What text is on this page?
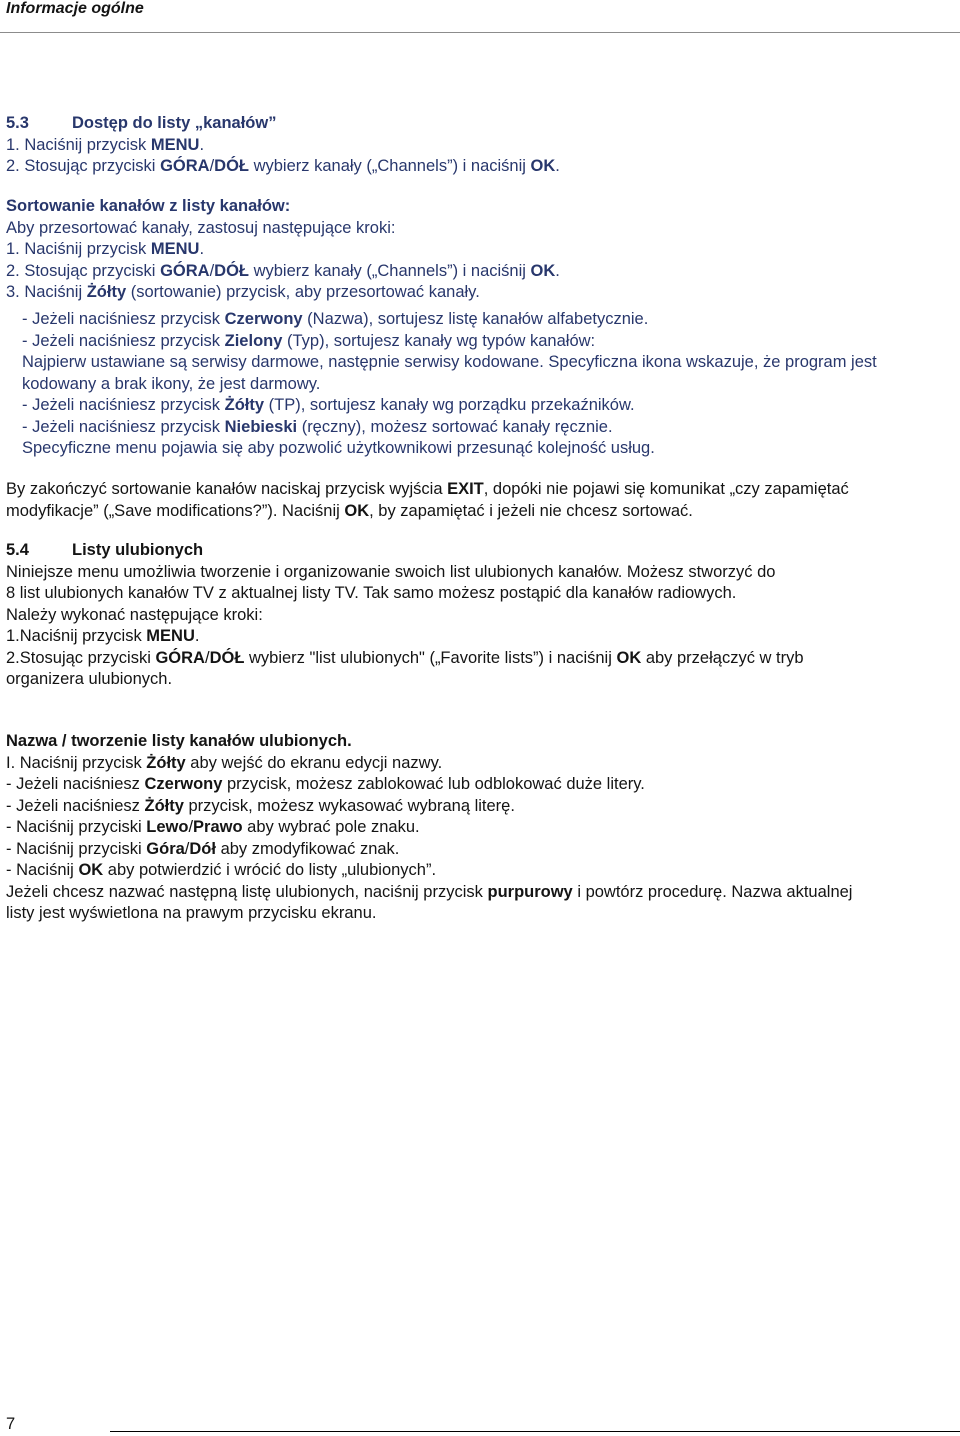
Informacje ogólne
5.3	Dostęp do listy „kanałów”
1. Naciśnij przycisk MENU.
2. Stosując przyciski GÓRA/DÓŁ wybierz kanały („Channels”) i naciśnij OK.
Sortowanie kanałów z listy kanałów:
Aby przesortować kanały, zastosuj następujące kroki:
1. Naciśnij przycisk MENU.
2. Stosując przyciski GÓRA/DÓŁ wybierz kanały („Channels”) i naciśnij OK.
3. Naciśnij Żółty (sortowanie) przycisk, aby przesortować kanały.
- Jeżeli naciśniesz przycisk Czerwony (Nazwa), sortujesz listę kanałów alfabetycznie.
- Jeżeli naciśniesz przycisk Zielony (Typ), sortujesz kanały wg typów kanałów:
Najpierw ustawiane są serwisy darmowe, następnie serwisy kodowane. Specyficzna ikona wskazuje, że program jest
kodowany a brak ikony, że jest darmowy.
- Jeżeli naciśniesz przycisk Żółty (TP), sortujesz kanały wg porządku przekaźników.
- Jeżeli naciśniesz przycisk Niebieski (ręczny), możesz sortować kanały ręcznie.
Specyficzne menu pojawia się aby pozwolić użytkownikowi przesunąć kolejność usług.
By zakończyć sortowanie kanałów naciskaj przycisk wyjścia EXIT, dopóki nie pojawi się komunikat „czy zapamiętać
modyfikacje” („Save modifications?”). Naciśnij OK, by zapamiętać i jeżeli nie chcesz sortować.
5.4	Listy ulubionych
Niniejsze menu umożliwia tworzenie i organizowanie swoich list ulubionych kanałów. Możesz stworzyć do
8 list ulubionych kanałów TV z aktualnej listy TV. Tak samo możesz postąpić dla kanałów radiowych.
Należy wykonać następujące kroki:
1.Naciśnij przycisk MENU.
2.Stosując przyciski GÓRA/DÓŁ wybierz "list ulubionych" („Favorite lists”) i naciśnij OK aby przełączyć w tryb
organizera ulubionych.
Nazwa / tworzenie listy kanałów ulubionych.
I. Naciśnij przycisk Żółty aby wejść do ekranu edycji nazwy.
- Jeżeli naciśniesz Czerwony przycisk, możesz zablokować lub odblokować duże litery.
- Jeżeli naciśniesz Żółty przycisk, możesz wykasować wybraną literę.
- Naciśnij przyciski Lewo/Prawo aby wybrać pole znaku.
- Naciśnij przyciski Góra/Dół aby zmodyfikować znak.
- Naciśnij OK aby potwierdzić i wrócić do listy „ulubionych”.
Jeżeli chcesz nazwać następną listę ulubionych, naciśnij przycisk purpurowy i powtórz procedurę. Nazwa aktualnej
listy jest wyświetlona na prawym przycisku ekranu.
7
